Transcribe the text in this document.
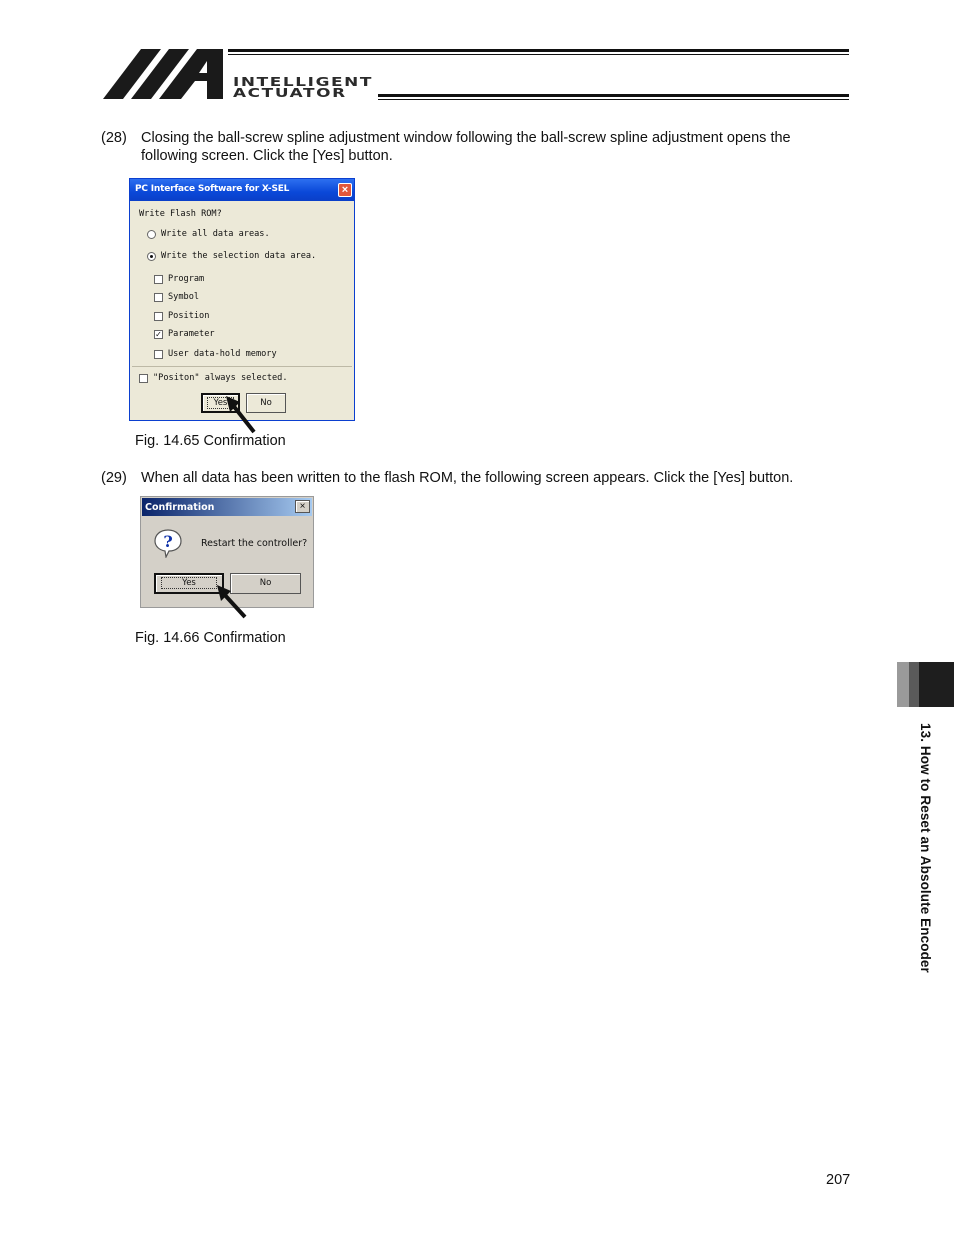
INTELLIGENT
ACTUATOR
(28) Closing the ball-screw spline adjustment window following the ball-screw spline adjustment opens the
following screen. Click the [Yes] button.
PC Interface Software for X-SEL	×
Write Flash ROM?
Write all data areas.
Write the selection data area.
Program
Symbol
Position
✓ Parameter
User data-hold memory
"Positon" always selected.
Yes	No
Fig. 14.65 Confirmation
(29) When all data has been written to the flash ROM, the following screen appears. Click the [Yes] button.
Confirmation	×
?	Restart the controller?
Yes	No
Fig. 14.66 Confirmation
13. How to Reset an Absolute Encoder
207
